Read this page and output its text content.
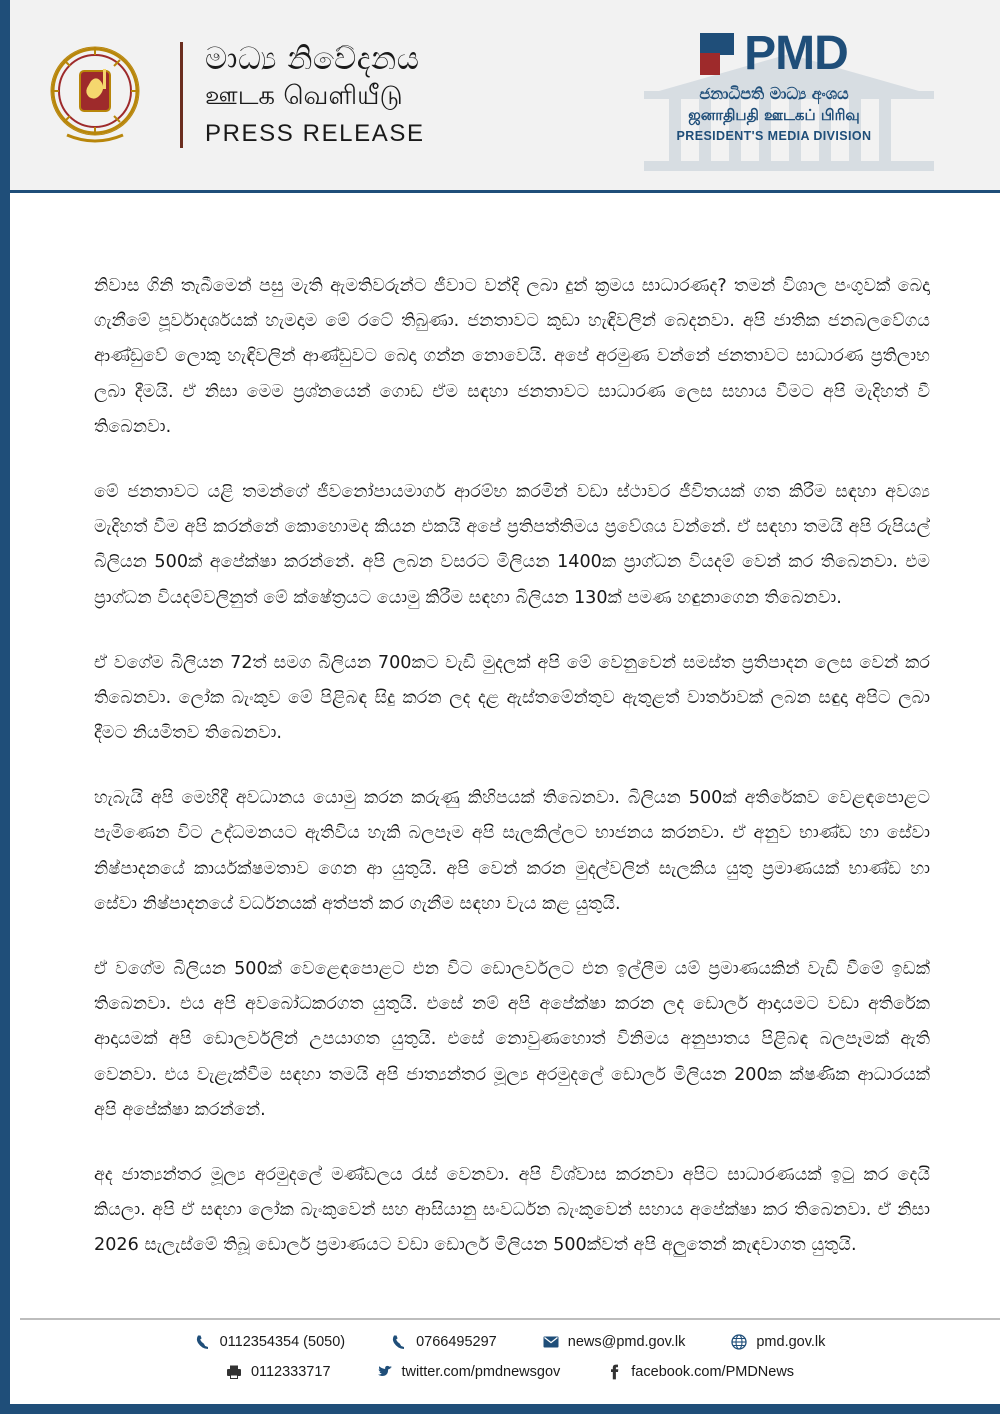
මාධ්‍ය නිවේදනය
ஊடக வெளியீடு
PRESS RELEASE
PMD
ජනාධිපති මාධ්‍ය අංශය
ஜனாதிபதி ஊடகப் பிரிவு
PRESIDENT'S MEDIA DIVISION

නිවාස ගිනි තැබීමෙන් පසු මැති ඇමතිවරුන්ට ජීවාට වන්දි ලබා දුන් ක්‍රමය සාධාරණද? තමන් විශාල පංගුවක් බෙදා ගැනීමේ පූර්වාදර්ශයක් හැමදාම මේ රටේ තිබුණා. ජනතාවට කුඩා හැඳිවලින් බෙදනවා. අපි ජාතික ජනබලවේගය ආණ්ඩුවේ ලොකු හැඳිවලින් ආණ්ඩුවට බෙදා ගන්න නොවෙයි. අපේ අරමුණ වන්නේ ජනතාවට සාධාරණ ප්‍රතිලාභ ලබා දීමයි. ඒ නිසා මෙම ප්‍රශ්නයෙන් ගොඩ ඒම සඳහා ජනතාවට සාධාරණ ලෙස සහාය වීමට අපි මැදිහත් වී තිබෙනවා.

මේ ජනතාවට යළි තමන්ගේ ජීවනෝපායමාර්ග ආරම්භ කරමින් වඩා ස්ථාවර ජීවිතයක් ගත කිරීම සඳහා අවශ්‍ය මැදිහත් වීම අපි කරන්නේ කොහොමද කියන එකයි අපේ ප්‍රතිපත්තිමය ප්‍රවේශය වන්නේ. ඒ සඳහා තමයි අපි රුපියල් බිලියන 500ක් අපේක්ෂා කරන්නේ. අපි ලබන වසරට මිලියන 1400ක ප්‍රාග්ධන වියදම් වෙන් කර තිබෙනවා. එම ප්‍රාග්ධන වියදම්වලිනුත් මේ ක්ෂේත්‍රයට යොමු කිරීම සඳහා බිලියන 130ක් පමණ හඳුනාගෙන තිබෙනවා.

ඒ වගේම බිලියන 72ත් සමග බිලියන 700කට වැඩි මුදලක් අපි මේ වෙනුවෙන් සමස්ත ප්‍රතිපාදන ලෙස වෙන් කර තිබෙනවා. ලෝක බැංකුව මේ පිළිබඳ සිදු කරන ලද දළ ඇස්තමේන්තුව ඇතුළත් වාර්තාවක් ලබන සඳුදා අපිට ලබා දීමට නියමිතව තිබෙනවා.

හැබැයි අපි මෙහිදී අවධානය යොමු කරන කරුණු කිහිපයක් තිබෙනවා. බිලියන 500ක් අතිරේකව වෙළඳපොළට පැමිණෙන විට උද්ධමනයට ඇතිවිය හැකි බලපෑම අපි සැලකිල්ලට භාජනය කරනවා. ඒ අනුව භාණ්ඩ හා සේවා නිෂ්පාදනයේ කාර්යක්ෂමතාව ගෙන ආ යුතුයි. අපි වෙන් කරන මුදල්වලින් සැලකිය යුතු ප්‍රමාණයක් භාණ්ඩ හා සේවා නිෂ්පාදනයේ වර්ධනයක් අත්පත් කර ගැනීම සඳහා වැය කළ යුතුයි.

ඒ වගේම බිලියන 500ක් වෙළෙඳපොළට එන විට ඩොලර්වලට එන ඉල්ලීම යම් ප්‍රමාණයකින් වැඩි වීමේ ඉඩක් තිබෙනවා. එය අපි අවබෝධකරගත යුතුයි. එසේ නම් අපි අපේක්ෂා කරන ලද ඩොලර් ආදායමට වඩා අතිරේක ආදායමක් අපි ඩොලර්වලින් උපයාගත යුතුයි. එසේ නොවුණහොත් විනිමය අනුපාතය පිළිබඳ බලපෑමක් ඇති වෙනවා. එය වැළැක්වීම සඳහා තමයි අපි ජාත්‍යන්තර මූල්‍ය අරමුදලේ ඩොලර් මිලියන 200ක ක්ෂණික ආධාරයක් අපි අපේක්ෂා කරන්නේ.

අද ජාත්‍යන්තර මූල්‍ය අරමුදලේ මණ්ඩලය රැස් වෙනවා. අපි විශ්වාස කරනවා අපිට සාධාරණයක් ඉටු කර දෙයි කියලා. අපි ඒ සඳහා ලෝක බැංකුවෙන් සහ ආසියානු සංවර්ධන බැංකුවෙන් සහාය අපේක්ෂා කර තිබෙනවා. ඒ නිසා 2026 සැලැස්මේ තිබූ ඩොලර් ප්‍රමාණයට වඩා ඩොලර් මිලියන 500ක්වත් අපි අලුතෙන් කැඳවාගත යුතුයි.

0112354354 (5050)	0766495297	news@pmd.gov.lk	pmd.gov.lk
0112333717	twitter.com/pmdnewsgov	facebook.com/PMDNews
